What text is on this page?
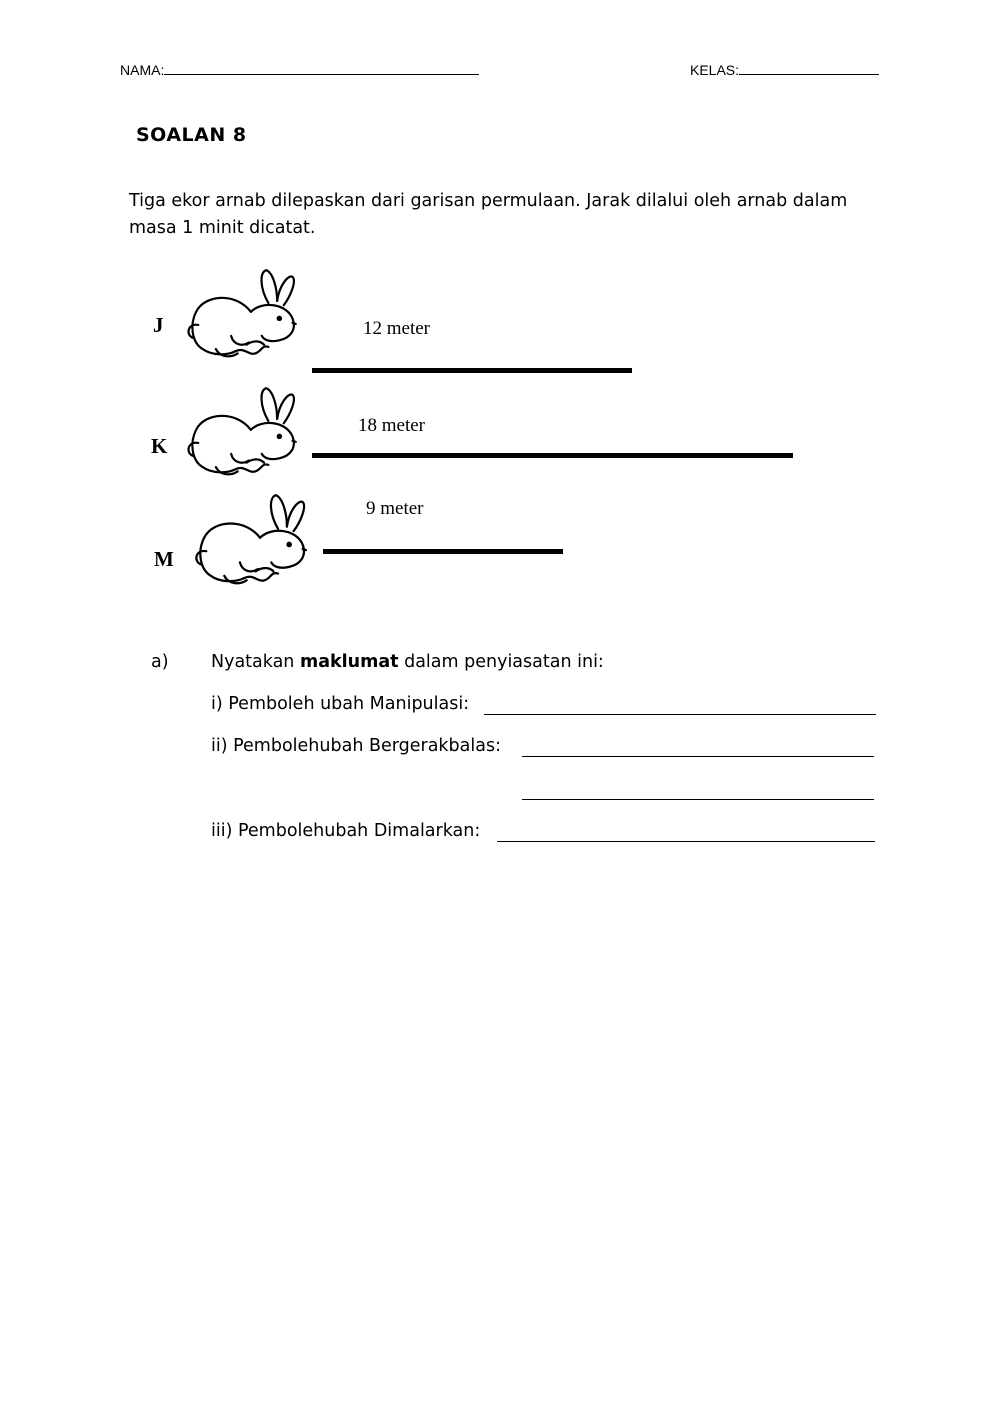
NAMA:	KELAS:
SOALAN 8
Tiga ekor arnab dilepaskan dari garisan permulaan. Jarak dilalui oleh arnab dalam
masa 1 minit dicatat.
J	12 meter
K
18 meter
M
9 meter
a) Nyatakan maklumat dalam penyiasatan ini:
i) Pemboleh ubah Manipulasi:
ii) Pembolehubah Bergerakbalas:
iii) Pembolehubah Dimalarkan:
